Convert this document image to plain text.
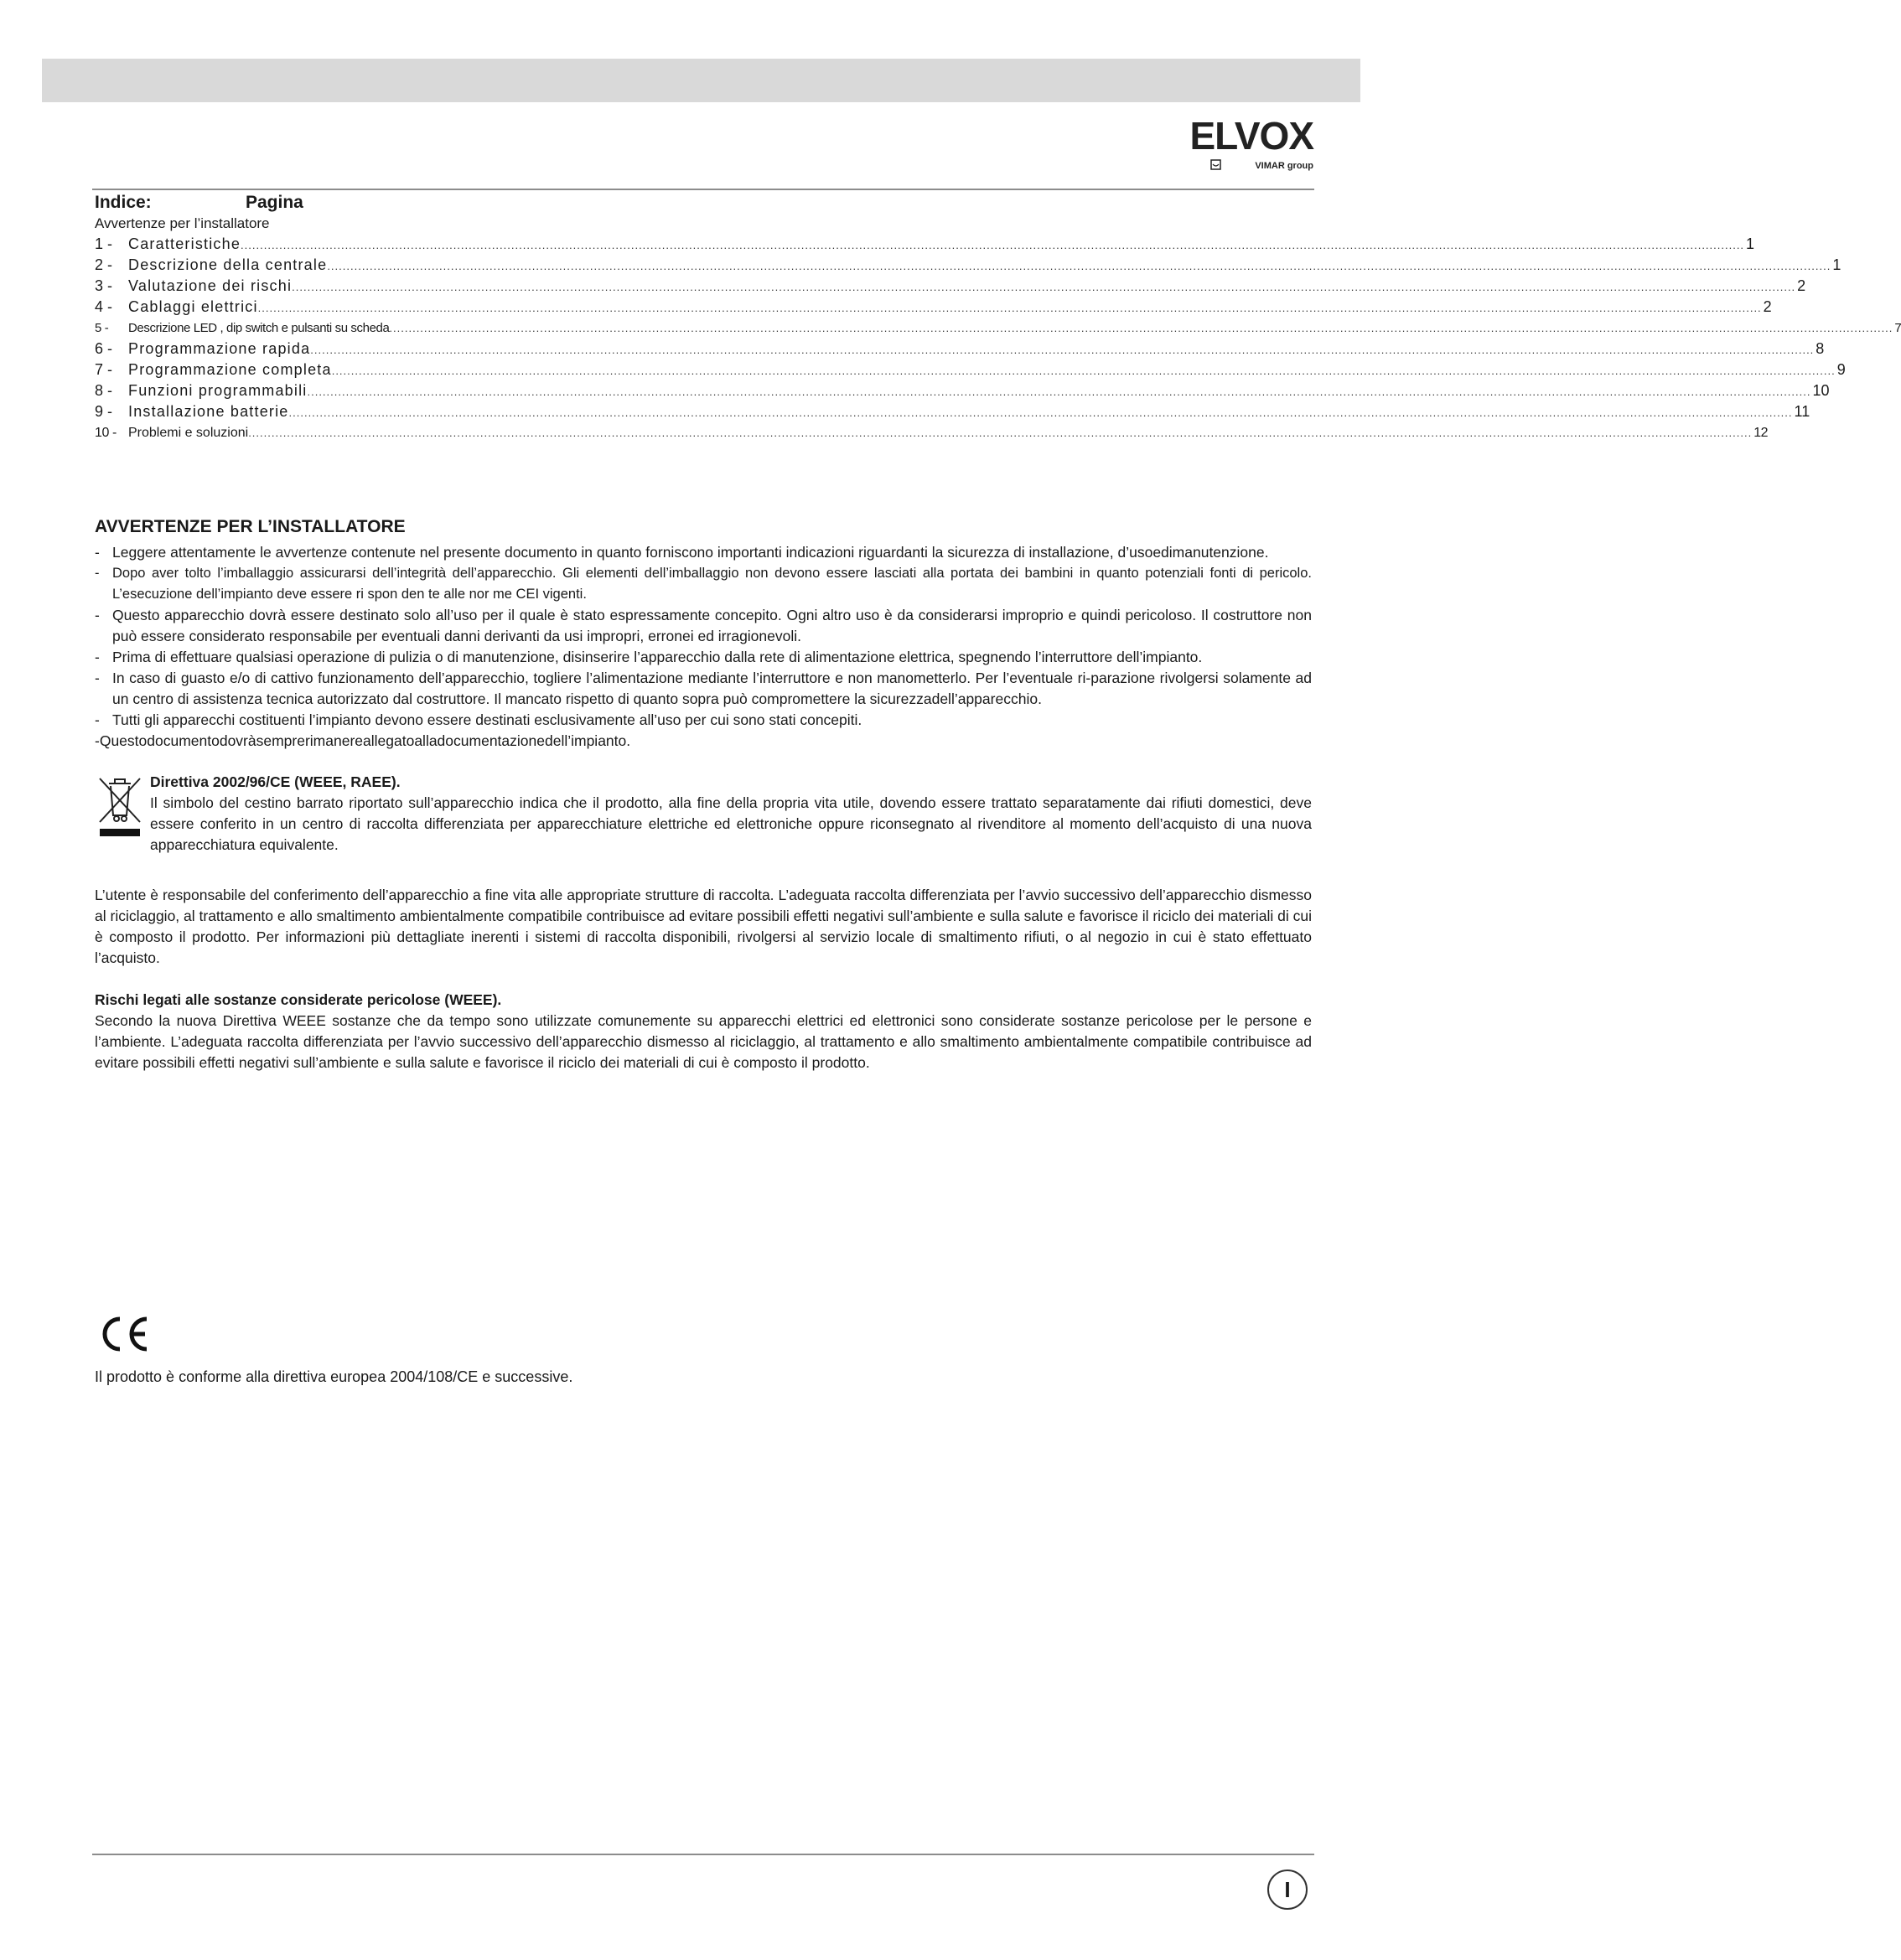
ELVOX
VIMAR group
Indice:	Pagina
Avvertenze per l’installatore
1 -	Caratteristiche .....	1
2 -	Descrizione della centrale .....	1
3 -	Valutazione dei rischi .....	2
4 -	Cablaggi elettrici .....	2
5 -	Descrizione LED , dip switch e pulsanti su scheda .....	7
6 -	Programmazione rapida .....	8
7 -	Programmazione completa .....	9
8 -	Funzioni programmabili .....	10
9 -	Installazione batterie .....	11
10 - Problemi e soluzioni .....	12
AVVERTENZE PER L’INSTALLATORE
- Leggere attentamente le avvertenze contenute nel presente documento in quanto forniscono importanti indicazioni riguardanti la sicurezza di installazione, d’usoedimanutenzione.
- Dopo aver tolto l’imballaggio assicurarsi dell’integrità dell’apparecchio. Gli elementi dell’imballaggio non devono essere lasciati alla portata dei bambini in quanto potenziali fonti di pericolo. L’esecuzione dell’impianto deve essere ri spon den te alle nor me CEI vigenti.
- Questo apparecchio dovrà essere destinato solo all’uso per il quale è stato espressamente concepito. Ogni altro uso è da considerarsi improprio e quindi pericoloso. Il costruttore non può essere considerato responsabile per eventuali danni derivanti da usi impropri, erronei ed irragionevoli.
- Prima di effettuare qualsiasi operazione di pulizia o di manutenzione, disinserire l’apparecchio dalla rete di alimentazione elettrica, spegnendo l’interruttore dell’impianto.
- In caso di guasto e/o di cattivo funzionamento dell’apparecchio, togliere l’alimentazione mediante l’interruttore e non manometterlo. Per l’eventuale ri-parazione rivolgersi solamente ad un centro di assistenza tecnica autorizzato dal costruttore. Il mancato rispetto di quanto sopra può compromettere la sicurezzadell’apparecchio.
- Tutti gli apparecchi costituenti l’impianto devono essere destinati esclusivamente all’uso per cui sono stati concepiti.

-Questodocumentodovràsemprerimanereallegatoalladocumentazionedell’impianto.

Direttiva 2002/96/CE (WEEE, RAEE).
Il simbolo del cestino barrato riportato sull’apparecchio indica che il prodotto, alla fine della propria vita utile, dovendo essere trattato separatamente dai rifiuti domestici, deve essere conferito in un centro di raccolta differenziata per apparecchiature elettriche ed elettroniche oppure riconsegnato al rivenditore al momento dell’acquisto di una nuova apparecchiatura equivalente.

L’utente è responsabile del conferimento dell’apparecchio a fine vita alle appropriate strutture di raccolta. L’adeguata raccolta differenziata per l’avvio successivo dell’apparecchio dismesso al riciclaggio, al trattamento e allo smaltimento ambientalmente compatibile contribuisce ad evitare possibili effetti negativi sull’ambiente e sulla salute e favorisce il riciclo dei materiali di cui è composto il prodotto. Per informazioni più dettagliate inerenti i sistemi di raccolta disponibili, rivolgersi al servizio locale di smaltimento rifiuti, o al negozio in cui è stato effettuato l’acquisto.

Rischi legati alle sostanze considerate pericolose (WEEE).

Secondo la nuova Direttiva WEEE sostanze che da tempo sono utilizzate comunemente su apparecchi elettrici ed elettronici sono considerate sostanze pericolose per le persone e l’ambiente. L’adeguata raccolta differenziata per l’avvio successivo dell’apparecchio dismesso al riciclaggio, al trattamento e allo smaltimento ambientalmente compatibile contribuisce ad evitare possibili effetti negativi sull’ambiente e sulla salute e favorisce il riciclo dei materiali di cui è composto il prodotto.

CE
Il prodotto è conforme alla direttiva europea 2004/108/CE e successive.
I
